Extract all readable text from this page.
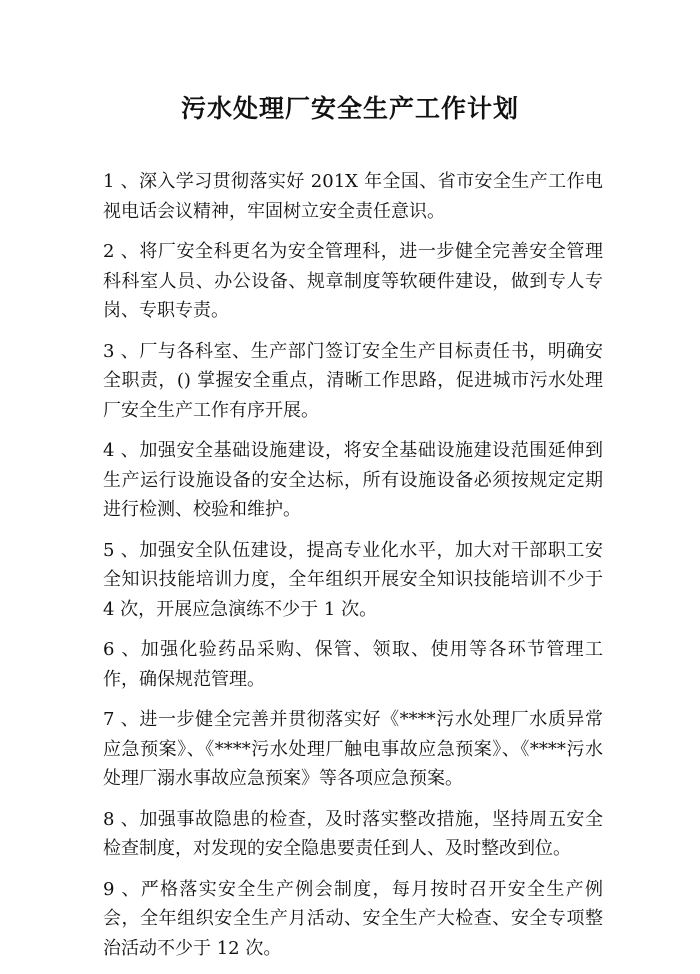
污水处理厂安全生产工作计划

1 、深入学习贯彻落实好 201X 年全国、省市安全生产工作电视电话会议精神，牢固树立安全责任意识。

2 、将厂安全科更名为安全管理科，进一步健全完善安全管理科科室人员、办公设备、规章制度等软硬件建设，做到专人专岗、专职专责。

3 、厂与各科室、生产部门签订安全生产目标责任书，明确安全职责，() 掌握安全重点，清晰工作思路，促进城市污水处理厂安全生产工作有序开展。

4 、加强安全基础设施建设，将安全基础设施建设范围延伸到生产运行设施设备的安全达标，所有设施设备必须按规定定期进行检测、校验和维护。

5 、加强安全队伍建设，提高专业化水平，加大对干部职工安全知识技能培训力度，全年组织开展安全知识技能培训不少于 4 次，开展应急演练不少于 1 次。

6 、加强化验药品采购、保管、领取、使用等各环节管理工作，确保规范管理。

7 、进一步健全完善并贯彻落实好《****污水处理厂水质异常应急预案》、《****污水处理厂触电事故应急预案》、《****污水处理厂溺水事故应急预案》等各项应急预案。

8 、加强事故隐患的检查，及时落实整改措施，坚持周五安全检查制度，对发现的安全隐患要责任到人、及时整改到位。

9 、严格落实安全生产例会制度，每月按时召开安全生产例会，全年组织安全生产月活动、安全生产大检查、安全专项整治活动不少于 12 次。
